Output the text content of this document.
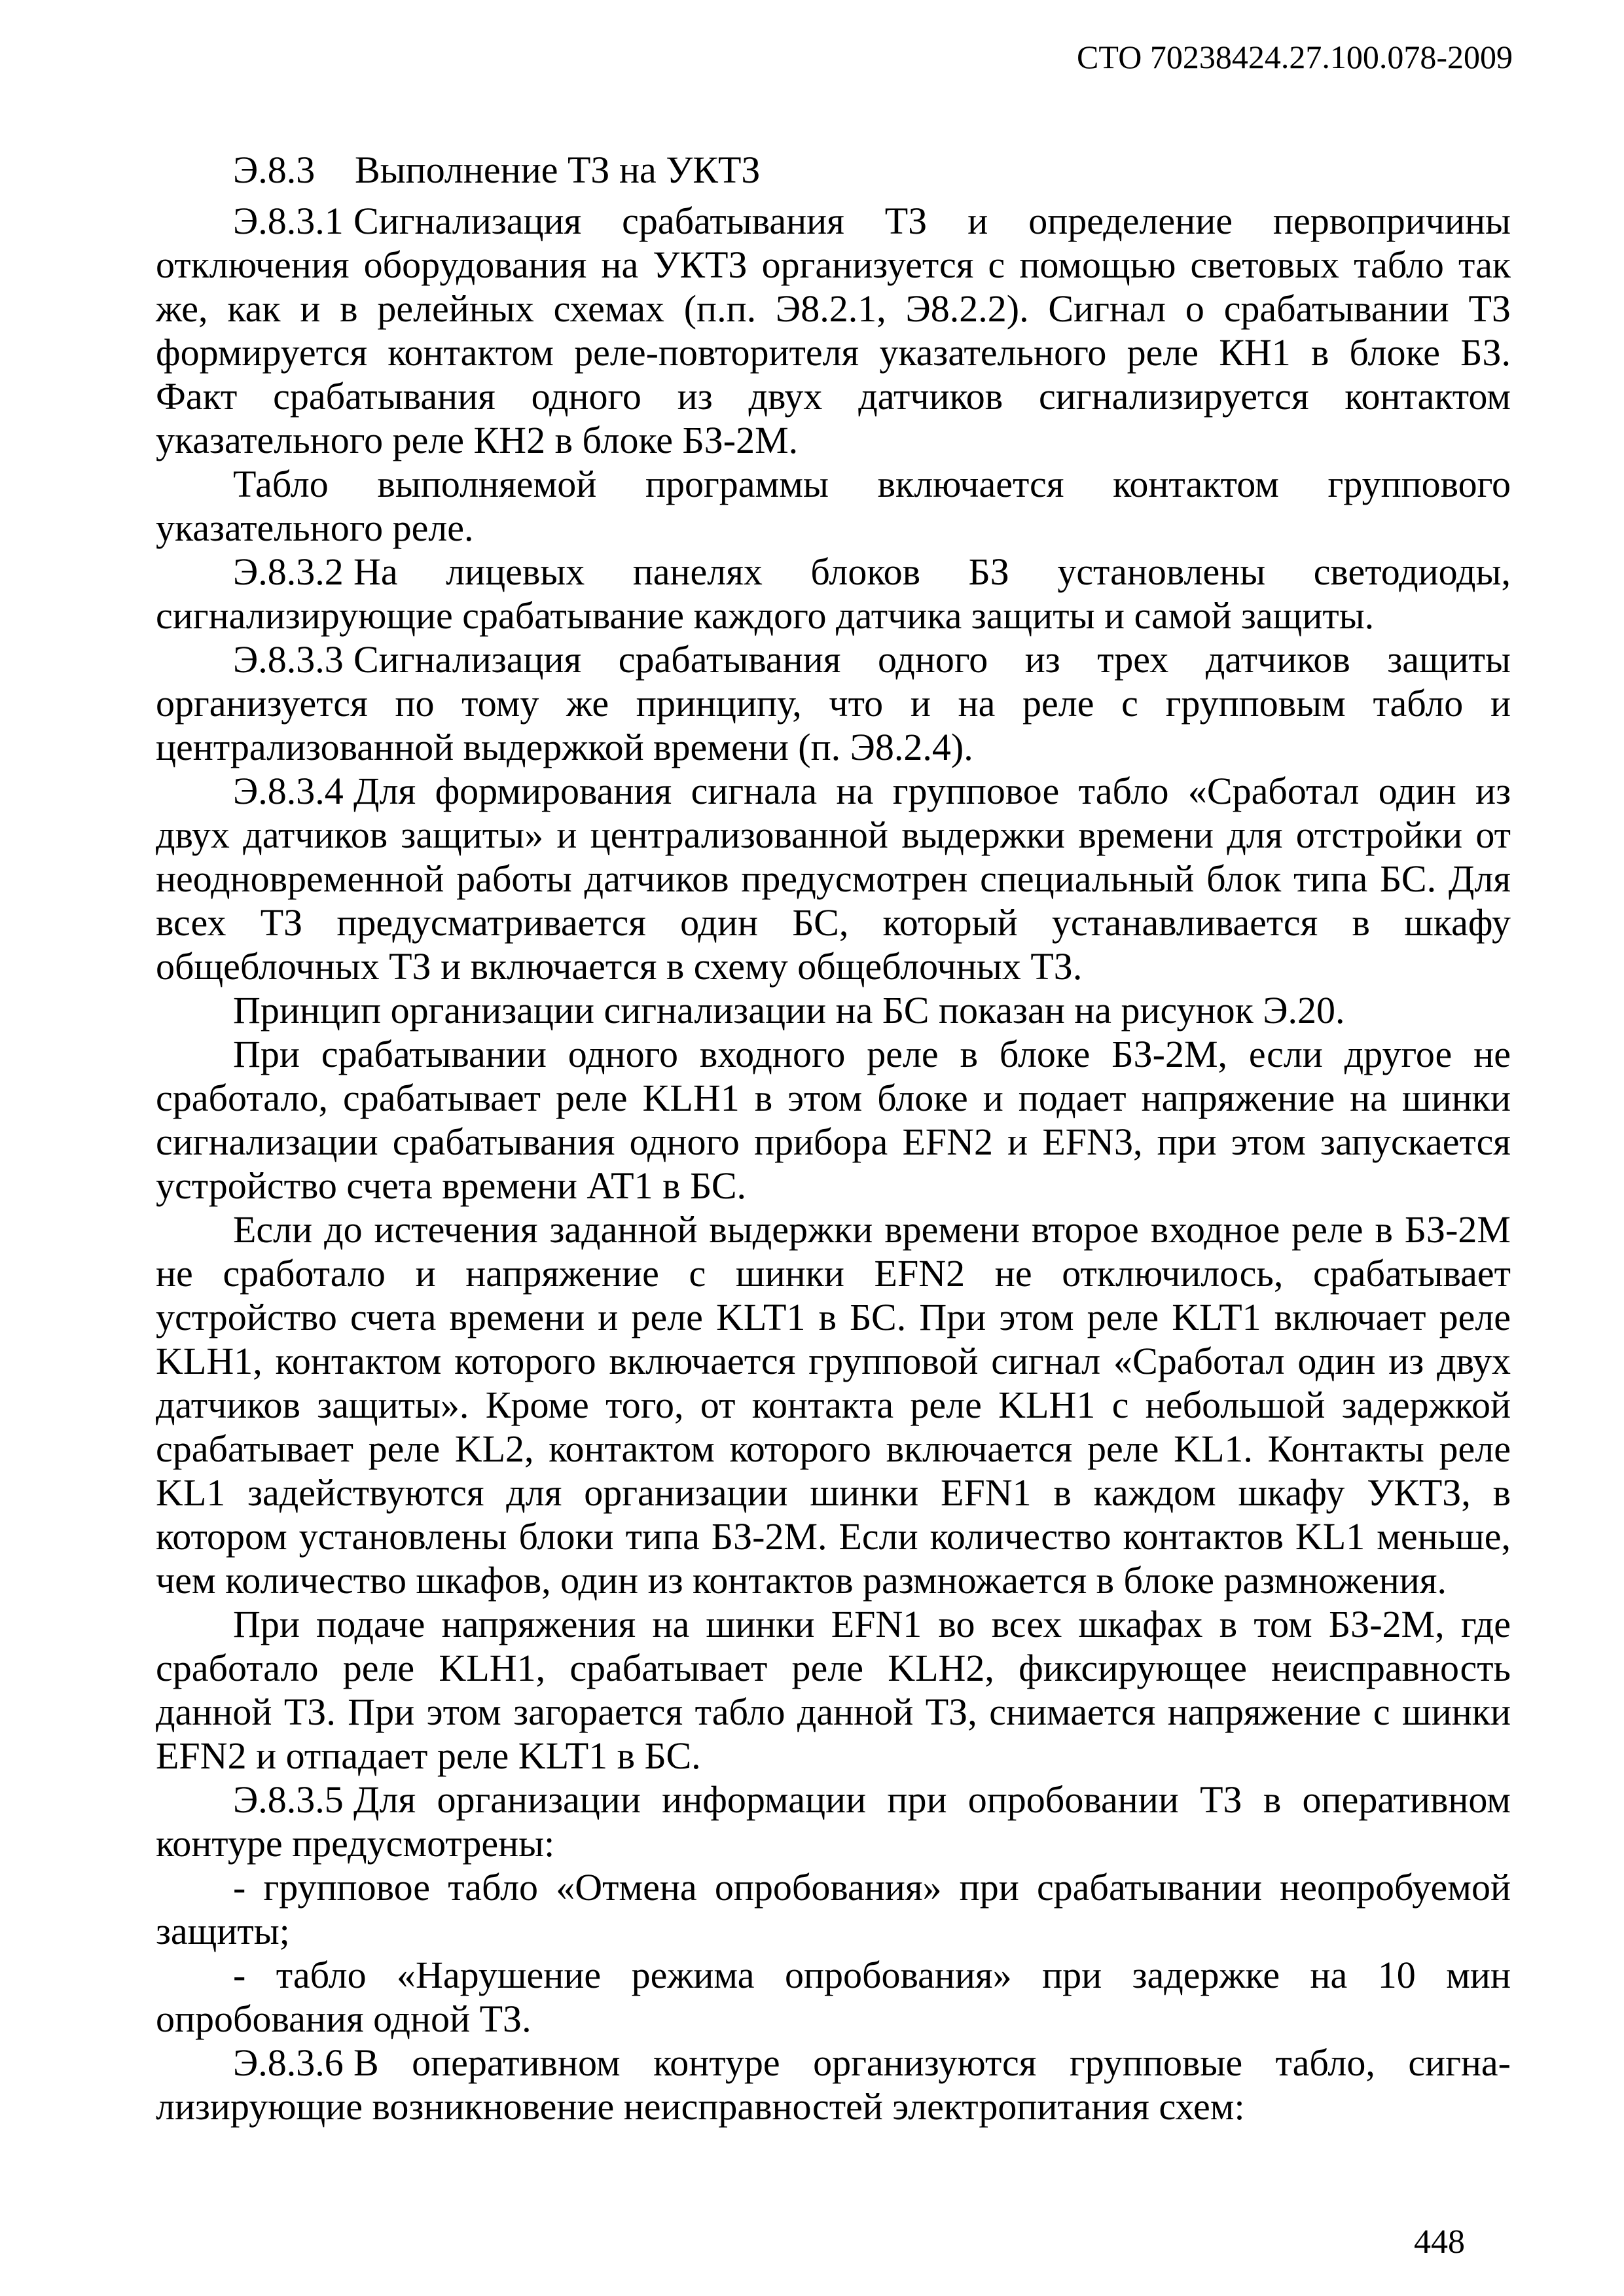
СТО 70238424.27.100.078-2009

Э.8.3 Выполнение ТЗ на УКТЗ

Э.8.3.1 Сигнализация срабатывания ТЗ и определение первопричины отключения оборудования на УКТЗ организуется с помощью световых табло так же, как и в релейных схемах (п.п. Э8.2.1, Э8.2.2). Сигнал о срабатывании ТЗ формируется контактом реле-повторителя указательного реле КН1 в блоке БЗ. Факт срабатывания одного из двух датчиков сигнализируется контактом указательного реле КН2 в блоке БЗ-2М.

Табло выполняемой программы включается контактом группового указательного реле.

Э.8.3.2 На лицевых панелях блоков БЗ установлены светодиоды, сигнализирующие срабатывание каждого датчика защиты и самой защиты.

Э.8.3.3 Сигнализация срабатывания одного из трех датчиков защиты организуется по тому же принципу, что и на реле с групповым табло и централизованной выдержкой времени (п. Э8.2.4).

Э.8.3.4 Для формирования сигнала на групповое табло «Сработал один из двух датчиков защиты» и централизованной выдержки времени для отстройки от неодновременной работы датчиков предусмотрен специальный блок типа БС. Для всех ТЗ предусматривается один БС, который устанавливается в шкафу общеблочных ТЗ и включается в схему общеблочных ТЗ.

Принцип организации сигнализации на БС показан на рисунок Э.20.

При срабатывании одного входного реле в блоке БЗ-2М, если другое не сработало, срабатывает реле KLH1 в этом блоке и подает напряжение на шинки сигнализации срабатывания одного прибора EFN2 и EFN3, при этом запускается устройство счета времени АТ1 в БС.

Если до истечения заданной выдержки времени второе входное реле в БЗ-2М не сработало и напряжение с шинки EFN2 не отключилось, срабатывает устройство счета времени и реле KLT1 в БС. При этом реле KLT1 включает реле KLH1, контактом которого включается групповой сигнал «Сработал один из двух датчиков защиты». Кроме того, от контакта реле KLH1 с небольшой задержкой срабатывает реле KL2, контактом которого включается реле KL1. Контакты реле KL1 задействуются для организации шинки EFN1 в каждом шкафу УКТЗ, в котором установлены блоки типа БЗ-2М. Если количество контактов KL1 меньше, чем количество шкафов, один из контактов размножается в блоке размножения.

При подаче напряжения на шинки EFN1 во всех шкафах в том БЗ-2М, где сработало реле KLH1, срабатывает реле KLH2, фиксирующее неисправность данной ТЗ. При этом загорается табло данной ТЗ, снимается напряжение с шинки EFN2 и отпадает реле KLT1 в БС.

Э.8.3.5 Для организации информации при опробовании ТЗ в оперативном контуре предусмотрены:

- групповое табло «Отмена опробования» при срабатывании неопробуемой защиты;

- табло «Нарушение режима опробования» при задержке на 10 мин опробования одной ТЗ.

Э.8.3.6 В оперативном контуре организуются групповые табло, сигна-лизирующие возникновение неисправностей электропитания схем:

448
